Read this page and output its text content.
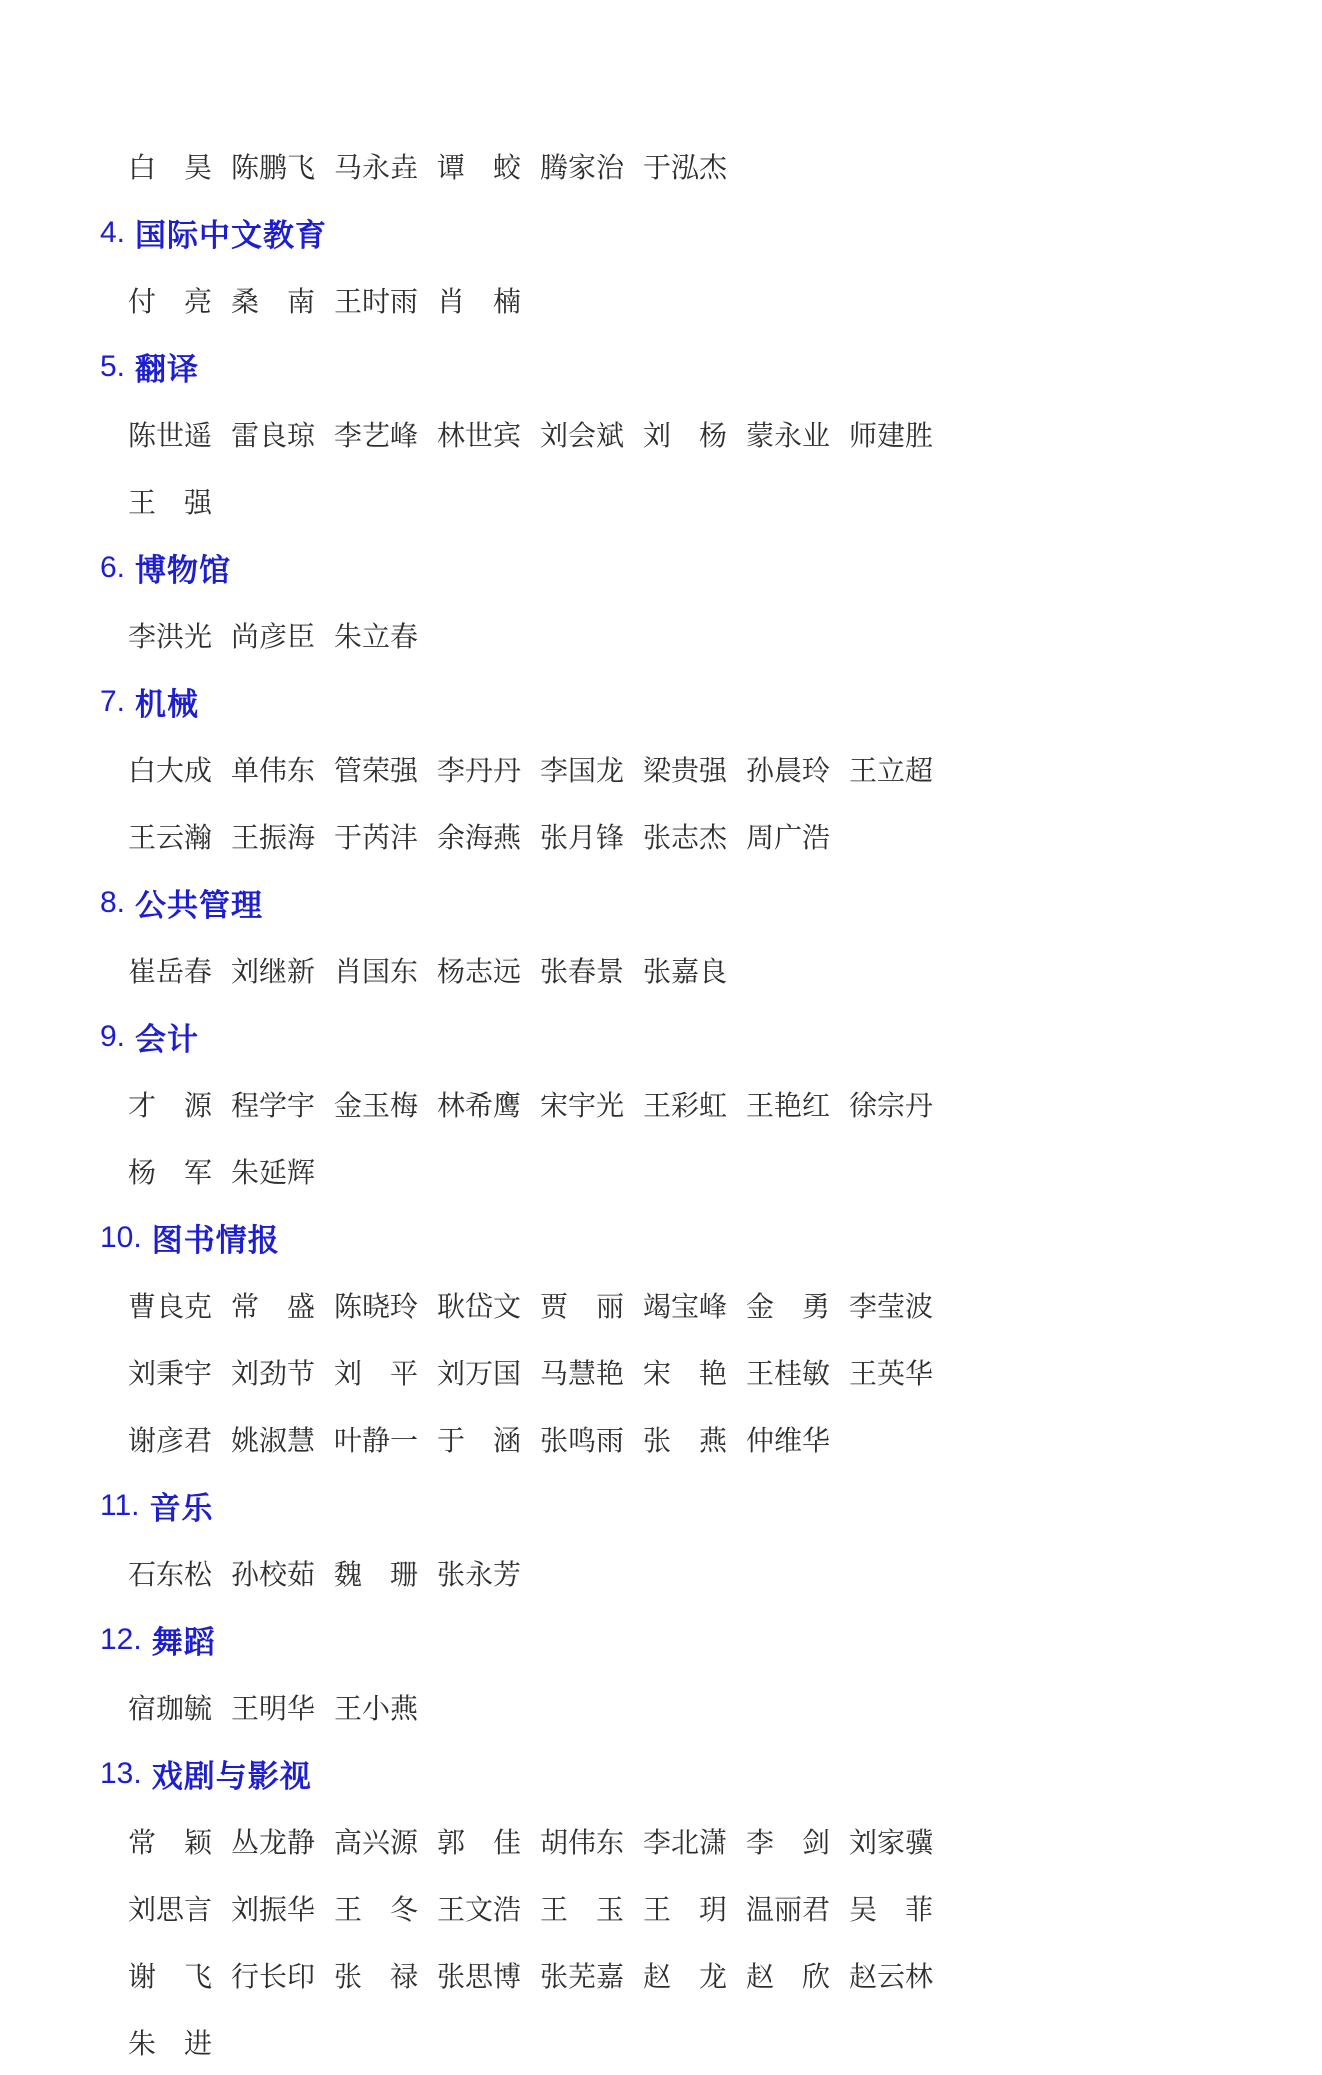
白　昊 陈鹏飞 马永垚 谭　蛟 腾家治 于泓杰
4. 国际中文教育
付　亮 桑　南 王时雨 肖　楠
5. 翻译
陈世遥 雷良琼 李艺峰 林世宾 刘会斌 刘　杨 蒙永业 师建胜
王　强
6. 博物馆
李洪光 尚彦臣 朱立春
7. 机械
白大成 单伟东 管荣强 李丹丹 李国龙 梁贵强 孙晨玲 王立超
王云瀚 王振海 于芮沣 余海燕 张月锋 张志杰 周广浩
8. 公共管理
崔岳春 刘继新 肖国东 杨志远 张春景 张嘉良
9. 会计
才　源 程学宇 金玉梅 林希鹰 宋宇光 王彩虹 王艳红 徐宗丹
杨　军 朱延辉
10. 图书情报
曹良克 常　盛 陈晓玲 耿岱文 贾　丽 竭宝峰 金　勇 李莹波
刘秉宇 刘劲节 刘　平 刘万国 马慧艳 宋　艳 王桂敏 王英华
谢彦君 姚淑慧 叶静一 于　涵 张鸣雨 张　燕 仲维华
11. 音乐
石东松 孙校茹 魏　珊 张永芳
12. 舞蹈
宿珈毓 王明华 王小燕
13. 戏剧与影视
常　颖 丛龙静 高兴源 郭　佳 胡伟东 李北潇 李　剑 刘家骥
刘思言 刘振华 王　冬 王文浩 王　玉 王　玥 温丽君 吴　菲
谢　飞 行长印 张　禄 张思博 张芜嘉 赵　龙 赵　欣 赵云林
朱　进
